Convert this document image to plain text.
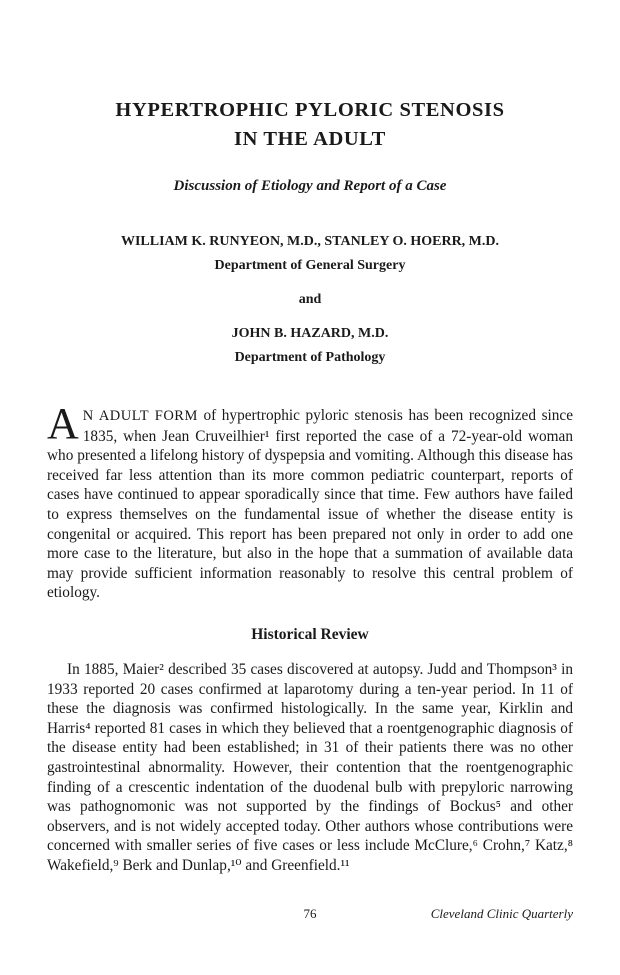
HYPERTROPHIC PYLORIC STENOSIS
IN THE ADULT
Discussion of Etiology and Report of a Case
WILLIAM K. RUNYEON, M.D., STANLEY O. HOERR, M.D.
Department of General Surgery
and
JOHN B. HAZARD, M.D.
Department of Pathology
A N ADULT FORM of hypertrophic pyloric stenosis has been recognized since 1835, when Jean Cruveilhier¹ first reported the case of a 72-year-old woman who presented a lifelong history of dyspepsia and vomiting. Although this disease has received far less attention than its more common pediatric counterpart, reports of cases have continued to appear sporadically since that time. Few authors have failed to express themselves on the fundamental issue of whether the disease entity is congenital or acquired. This report has been prepared not only in order to add one more case to the literature, but also in the hope that a summation of available data may provide sufficient information reasonably to resolve this central problem of etiology.
Historical Review
In 1885, Maier² described 35 cases discovered at autopsy. Judd and Thompson³ in 1933 reported 20 cases confirmed at laparotomy during a ten-year period. In 11 of these the diagnosis was confirmed histologically. In the same year, Kirklin and Harris⁴ reported 81 cases in which they believed that a roentgenographic diagnosis of the disease entity had been established; in 31 of their patients there was no other gastrointestinal abnormality. However, their contention that the roentgenographic finding of a crescentic indentation of the duodenal bulb with prepyloric narrowing was pathognomonic was not supported by the findings of Bockus⁵ and other observers, and is not widely accepted today. Other authors whose contributions were concerned with smaller series of five cases or less include McClure,⁶ Crohn,⁷ Katz,⁸ Wakefield,⁹ Berk and Dunlap,¹⁰ and Greenfield.¹¹
76	Cleveland Clinic Quarterly
